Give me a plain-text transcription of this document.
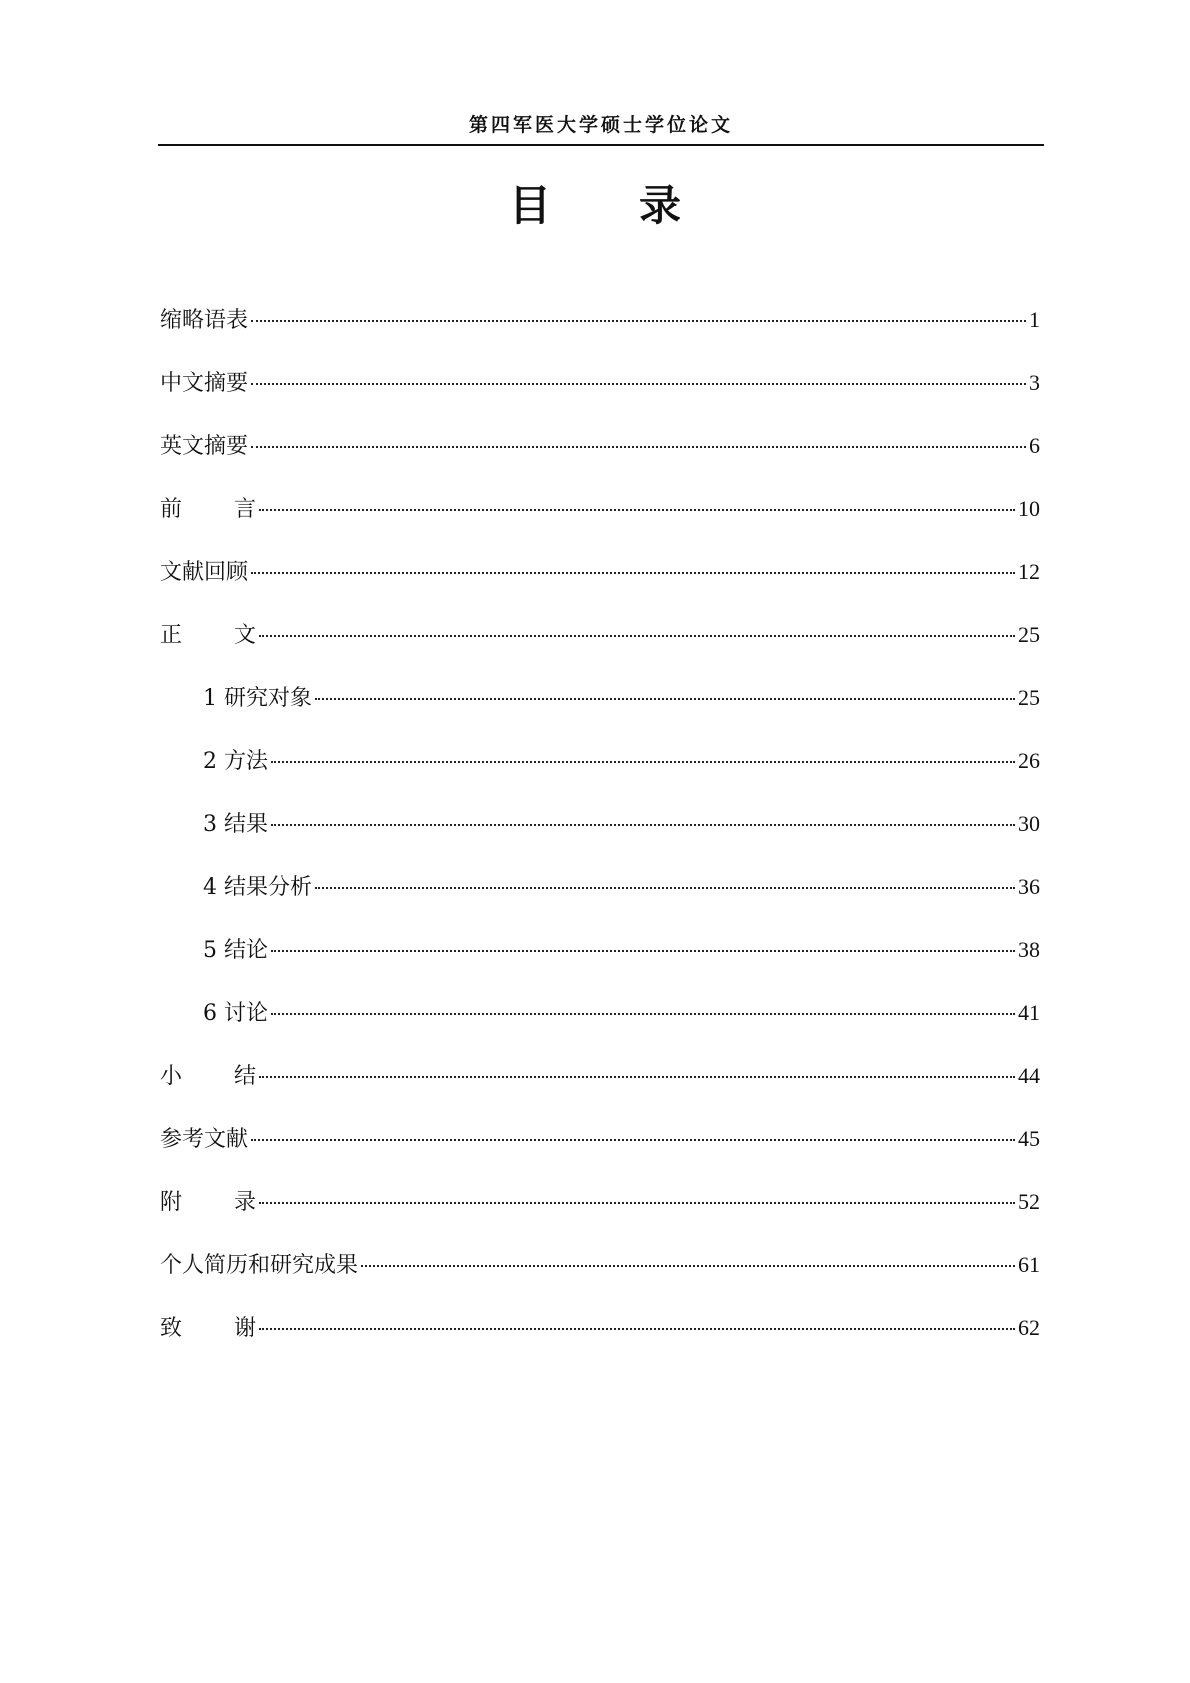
第四军医大学硕士学位论文
目 录
缩略语表	1
中文摘要	3
英文摘要	6
前　言	10
文献回顾	12
正　文	25
1 研究对象	25
2 方法	26
3 结果	30
4 结果分析	36
5 结论	38
6 讨论	41
小　结	44
参考文献	45
附　录	52
个人简历和研究成果	61
致　谢	62
